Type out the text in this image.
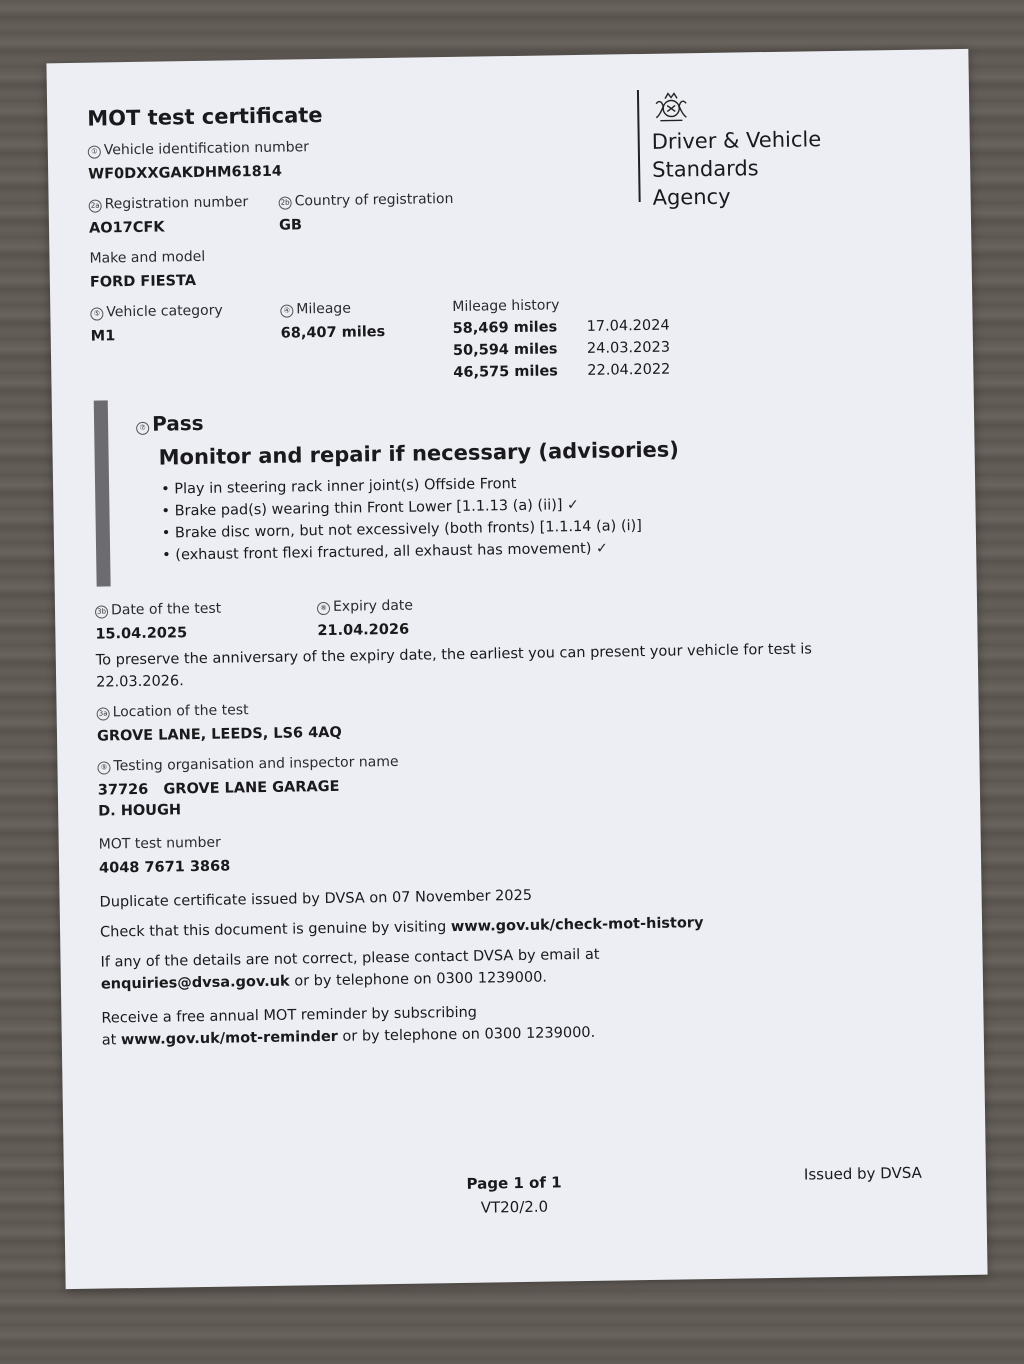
MOT test certificate
① Vehicle identification number
WF0DXXGAKDHM61814
2a Registration number
AO17CFK
2b Country of registration
GB
Make and model
FORD FIESTA
⑤ Vehicle category
M1
④ Mileage
68,407 miles
Mileage history
58,469 miles 17.04.2024
50,594 miles 24.03.2023
46,575 miles 22.04.2022
Driver & Vehicle
Standards
Agency
⑦ Pass
Monitor and repair if necessary (advisories)
• Play in steering rack inner joint(s) Offside Front
• Brake pad(s) wearing thin Front Lower [1.1.13 (a) (ii)] ✓
• Brake disc worn, but not excessively (both fronts) [1.1.14 (a) (i)]
• (exhaust front flexi fractured, all exhaust has movement) ✓
3b Date of the test
15.04.2025
⑧ Expiry date
21.04.2026
To preserve the anniversary of the expiry date, the earliest you can present your vehicle for test is
22.03.2026.
3a Location of the test
GROVE LANE, LEEDS, LS6 4AQ
⑨ Testing organisation and inspector name
37726   GROVE LANE GARAGE
D. HOUGH
MOT test number
4048 7671 3868
Duplicate certificate issued by DVSA on 07 November 2025
Check that this document is genuine by visiting www.gov.uk/check-mot-history
If any of the details are not correct, please contact DVSA by email at
enquiries@dvsa.gov.uk or by telephone on 0300 1239000.
Receive a free annual MOT reminder by subscribing
at www.gov.uk/mot-reminder or by telephone on 0300 1239000.
Page 1 of 1
VT20/2.0
Issued by DVSA
